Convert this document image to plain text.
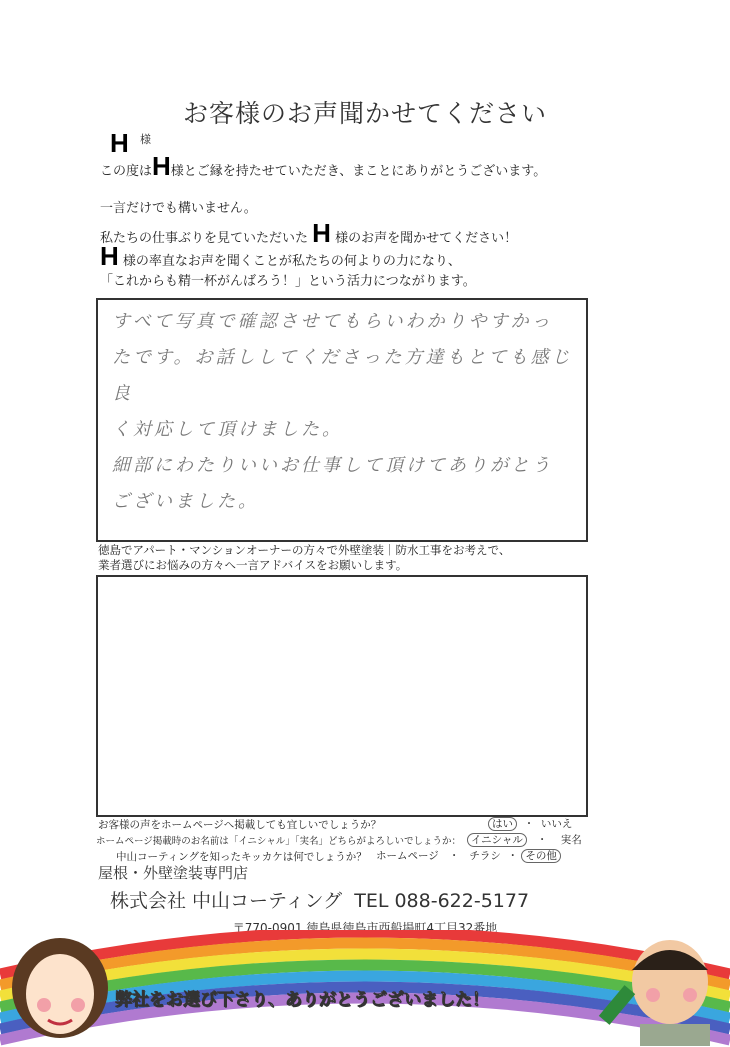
お客様のお声聞かせてください
H 様
この度はH様とご縁を持たせていただき、まことにありがとうございます。
一言だけでも構いません。
私たちの仕事ぶりを見ていただいた H 様のお声を聞かせてください！
H 様の率直なお声を聞くことが私たちの何よりの力になり、
「これからも精一杯がんばろう！」という活力につながります。
すべて写真で確認させてもらいわかりやすかっ
たです。お話ししてくださった方達もとても感じ良
く対応して頂けました。
細部にわたりいいお仕事して頂けてありがとう
ございました。
徳島でアパート・マンションオーナーの方々で外壁塗装｜防水工事をお考えで、
業者選びにお悩みの方々へ一言アドバイスをお願いします。
お客様の声をホームページへ掲載しても宜しいでしょうか？	はい ・ いいえ
ホームページ掲載時のお名前は「イニシャル」「実名」どちらがよろしいでしょうか： イニシャル ・ 実名
中山コーティングを知ったキッカケは何でしょうか？ ホームページ ・ チラシ ・ その他
屋根・外壁塗装専門店
株式会社 中山コーティング TEL 088-622-5177
〒770-0901 徳島県徳島市西船場町4丁目32番地
弊社をお選び下さり、ありがとうございました！
